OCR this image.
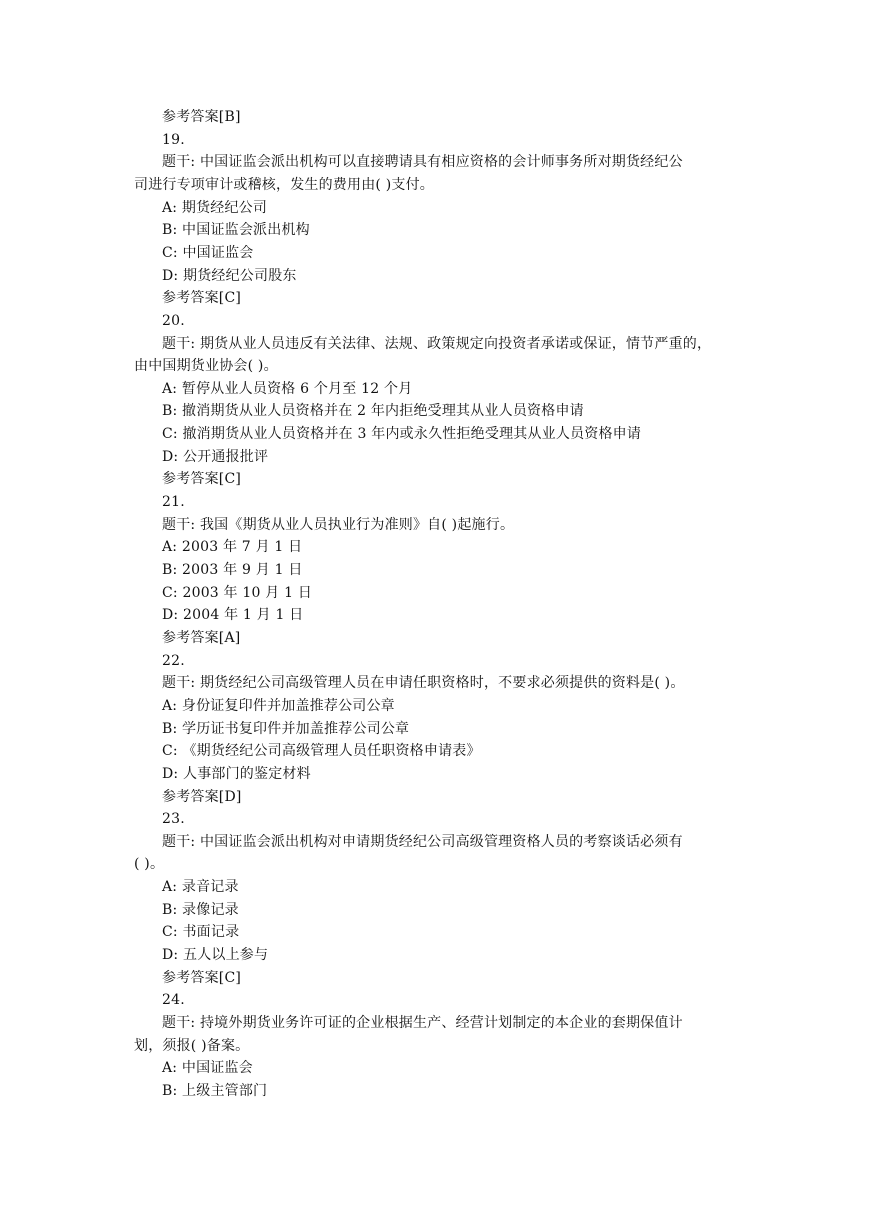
参考答案[B]
19.
题干: 中国证监会派出机构可以直接聘请具有相应资格的会计师事务所对期货经纪公
司进行专项审计或稽核，发生的费用由( )支付。
A: 期货经纪公司
B: 中国证监会派出机构
C: 中国证监会
D: 期货经纪公司股东
参考答案[C]
20.
题干: 期货从业人员违反有关法律、法规、政策规定向投资者承诺或保证，情节严重的，
由中国期货业协会( )。
A: 暂停从业人员资格 6 个月至 12 个月
B: 撤消期货从业人员资格并在 2 年内拒绝受理其从业人员资格申请
C: 撤消期货从业人员资格并在 3 年内或永久性拒绝受理其从业人员资格申请
D: 公开通报批评
参考答案[C]
21.
题干: 我国《期货从业人员执业行为准则》自( )起施行。
A: 2003 年 7 月 1 日
B: 2003 年 9 月 1 日
C: 2003 年 10 月 1 日
D: 2004 年 1 月 1 日
参考答案[A]
22.
题干: 期货经纪公司高级管理人员在申请任职资格时，不要求必须提供的资料是( )。
A: 身份证复印件并加盖推荐公司公章
B: 学历证书复印件并加盖推荐公司公章
C: 《期货经纪公司高级管理人员任职资格申请表》
D: 人事部门的鉴定材料
参考答案[D]
23.
题干: 中国证监会派出机构对申请期货经纪公司高级管理资格人员的考察谈话必须有
( )。
A: 录音记录
B: 录像记录
C: 书面记录
D: 五人以上参与
参考答案[C]
24.
题干: 持境外期货业务许可证的企业根据生产、经营计划制定的本企业的套期保值计
划，须报( )备案。
A: 中国证监会
B: 上级主管部门
